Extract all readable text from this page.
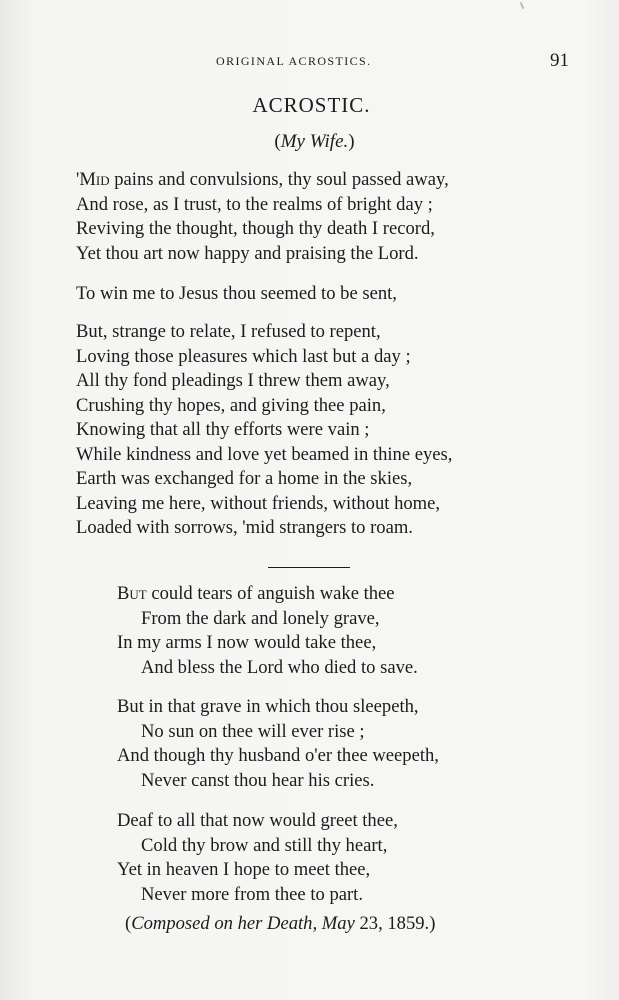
ORIGINAL ACROSTICS.	91
ACROSTIC.
(My Wife.)
'Mid pains and convulsions, thy soul passed away,
And rose, as I trust, to the realms of bright day ;
Reviving the thought, though thy death I record,
Yet thou art now happy and praising the Lord.
To win me to Jesus thou seemed to be sent,
But, strange to relate, I refused to repent,
Loving those pleasures which last but a day ;
All thy fond pleadings I threw them away,
Crushing thy hopes, and giving thee pain,
Knowing that all thy efforts were vain ;
While kindness and love yet beamed in thine eyes,
Earth was exchanged for a home in the skies,
Leaving me here, without friends, without home,
Loaded with sorrows, 'mid strangers to roam.
But could tears of anguish wake thee
From the dark and lonely grave,
In my arms I now would take thee,
And bless the Lord who died to save.
But in that grave in which thou sleepeth,
No sun on thee will ever rise ;
And though thy husband o'er thee weepeth,
Never canst thou hear his cries.
Deaf to all that now would greet thee,
Cold thy brow and still thy heart,
Yet in heaven I hope to meet thee,
Never more from thee to part.
(Composed on her Death, May 23, 1859.)
